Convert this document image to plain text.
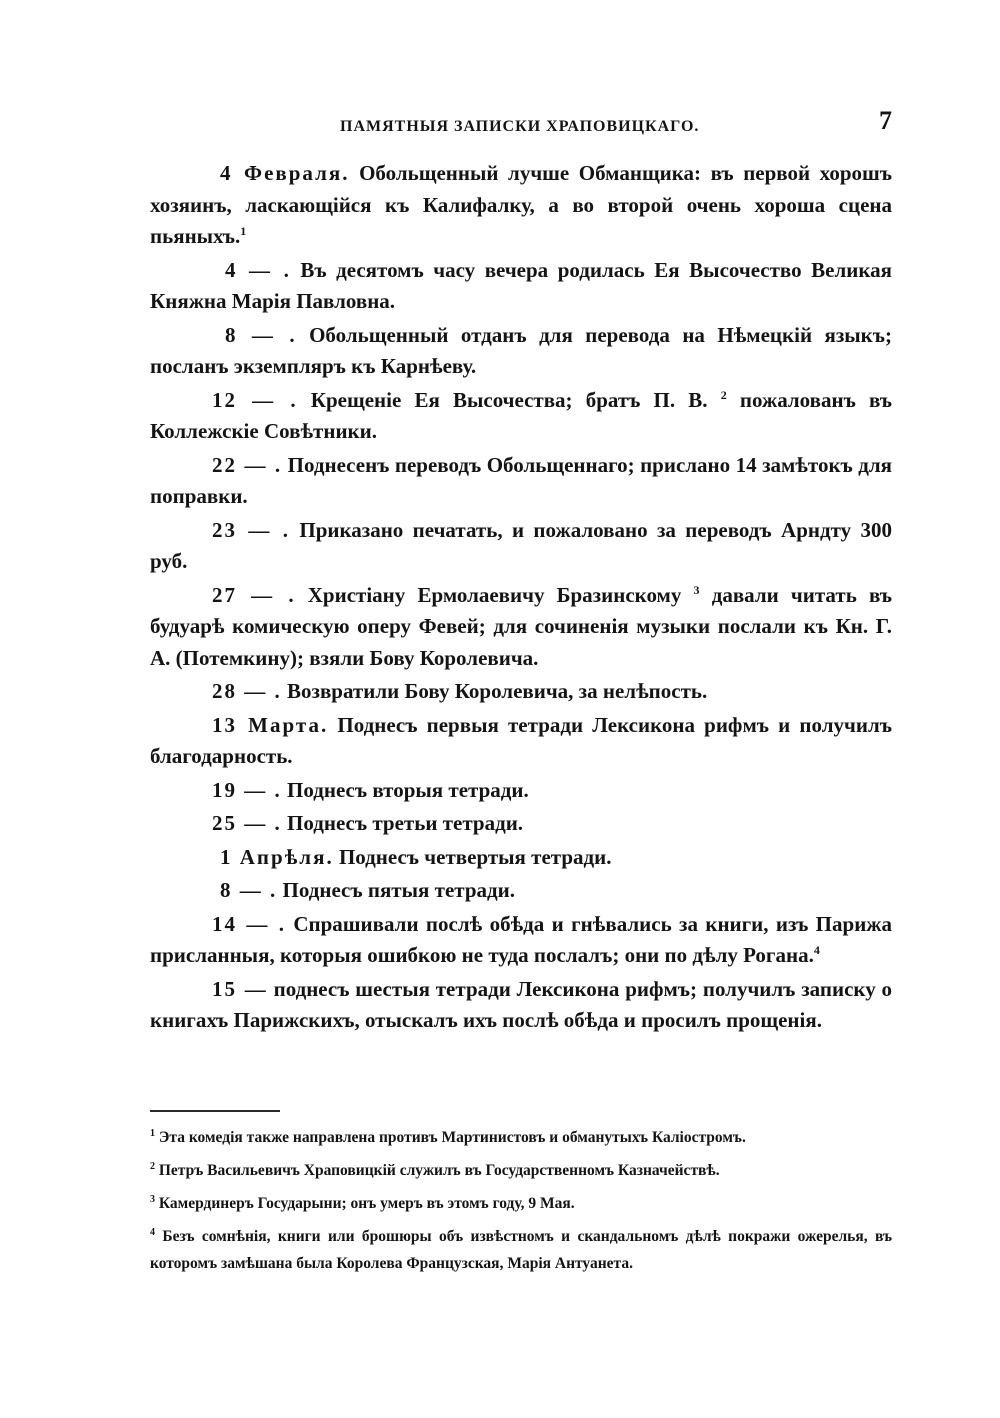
ПАМЯТНЫЯ ЗАПИСКИ ХРАПОВИЦКАГО.	7

4 Февраля. Обольщенный лучше Обманщика: въ первой хорошъ хозяинъ, ласкающійся къ Калифалку, а во второй очень хороша сцена пьяныхъ.$^1$

4 — . Въ десятомъ часу вечера родилась Ея Высочество Великая Княжна Марія Павловна.

8 — . Обольщенный отданъ для перевода на Нѣмецкій языкъ; посланъ экземпляръ къ Карнѣеву.

12 — . Крещеніе Ея Высочества; братъ П. В. $^2$ пожалованъ въ Коллежскіе Совѣтники.

22 — . Поднесенъ переводъ Обольщеннаго; прислано 14 замѣтокъ для поправки.

23 — . Приказано печатать, и пожаловано за переводъ Арндту 300 руб.

27 — . Христіану Ермолаевичу Бразинскому $^3$ давали читать въ будуарѣ комическую оперу Февей; для сочиненія музыки послали къ Кн. Г. А. (Потемкину); взяли Бову Королевича.

28 — . Возвратили Бову Королевича, за нелѣпость.

13 Марта. Поднесъ первыя тетради Лексикона рифмъ и получилъ благодарность.

19 — . Поднесъ вторыя тетради.

25 — . Поднесъ третьи тетради.

1 Апрѣля. Поднесъ четвертыя тетради.

8 — . Поднесъ пятыя тетради.

14 — . Спрашивали послѣ обѣда и гнѣвались за книги, изъ Парижа присланныя, которыя ошибкою не туда послалъ; они по дѣлу Рогана.$^4$

15 — поднесъ шестыя тетради Лексикона рифмъ; получилъ записку о книгахъ Парижскихъ, отыскалъ ихъ послѣ обѣда и просилъ прощенія.

$^1$ Эта комедія также направлена противъ Мартинистовъ и обманутыхъ Каліостромъ.

$^2$ Петръ Васильевичъ Храповицкій служилъ въ Государственномъ Казначействѣ.

$^3$ Камердинеръ Государыни; онъ умеръ въ этомъ году, 9 Мая.

$^4$ Безъ сомнѣнія, книги или брошюры объ извѣстномъ и скандальномъ дѣлѣ покражи ожерелья, въ которомъ замѣшана была Королева Французская, Марія Антуанета.
